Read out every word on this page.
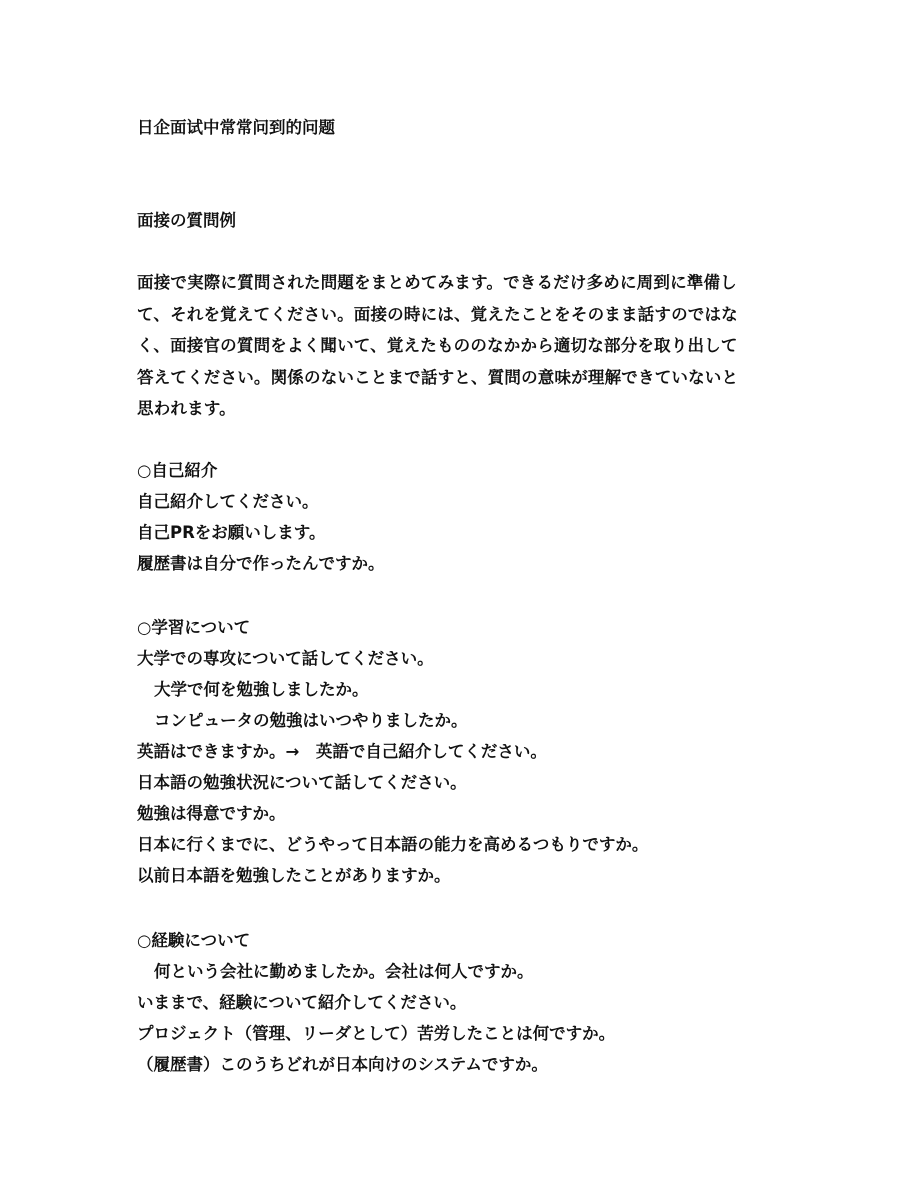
日企面试中常常问到的问题
面接の質問例
面接で実際に質問された問題をまとめてみます。できるだけ多めに周到に準備し
て、それを覚えてください。面接の時には、覚えたことをそのまま話すのではな
く、面接官の質問をよく聞いて、覚えたもののなかから適切な部分を取り出して
答えてください。関係のないことまで話すと、質問の意味が理解できていないと
思われます。
○自己紹介
自己紹介してください。
自己PRをお願いします。
履歴書は自分で作ったんですか。
○学習について
大学での専攻について話してください。
大学で何を勉強しましたか。
コンピュータの勉強はいつやりましたか。
英語はできますか。→　英語で自己紹介してください。
日本語の勉強状況について話してください。
勉強は得意ですか。
日本に行くまでに、どうやって日本語の能力を高めるつもりですか。
以前日本語を勉強したことがありますか。
○経験について
何という会社に勤めましたか。会社は何人ですか。
いままで、経験について紹介してください。
プロジェクト（管理、リーダとして）苦労したことは何ですか。
（履歴書）このうちどれが日本向けのシステムですか。
